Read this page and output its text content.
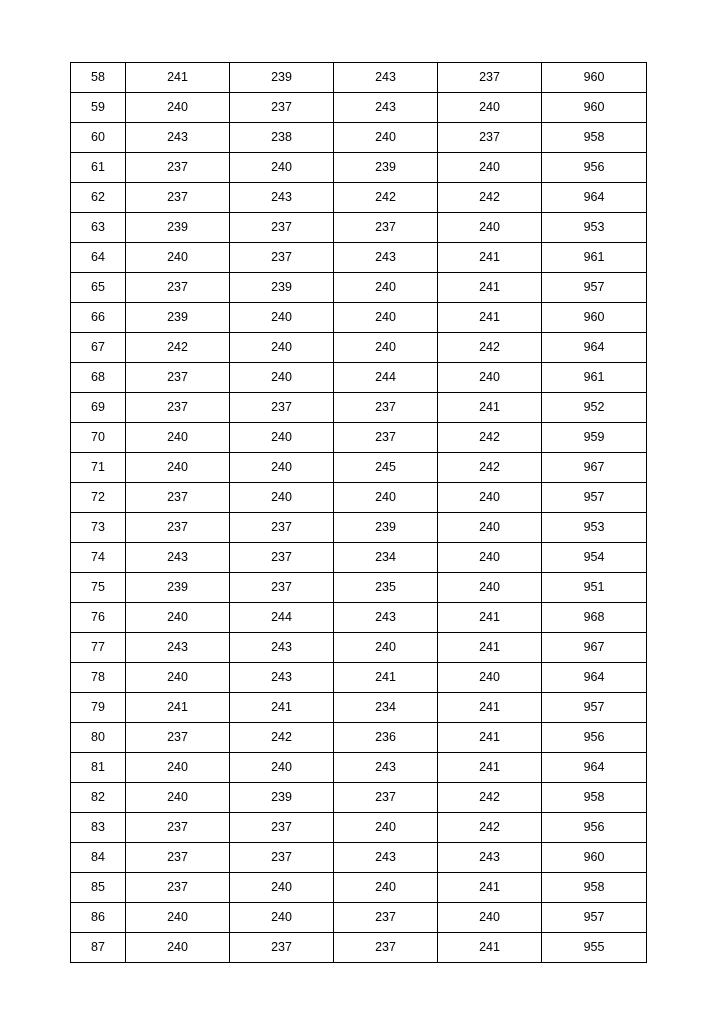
58	241	239	243	237	960
59	240	237	243	240	960
60	243	238	240	237	958
61	237	240	239	240	956
62	237	243	242	242	964
63	239	237	237	240	953
64	240	237	243	241	961
65	237	239	240	241	957
66	239	240	240	241	960
67	242	240	240	242	964
68	237	240	244	240	961
69	237	237	237	241	952
70	240	240	237	242	959
71	240	240	245	242	967
72	237	240	240	240	957
73	237	237	239	240	953
74	243	237	234	240	954
75	239	237	235	240	951
76	240	244	243	241	968
77	243	243	240	241	967
78	240	243	241	240	964
79	241	241	234	241	957
80	237	242	236	241	956
81	240	240	243	241	964
82	240	239	237	242	958
83	237	237	240	242	956
84	237	237	243	243	960
85	237	240	240	241	958
86	240	240	237	240	957
87	240	237	237	241	955
